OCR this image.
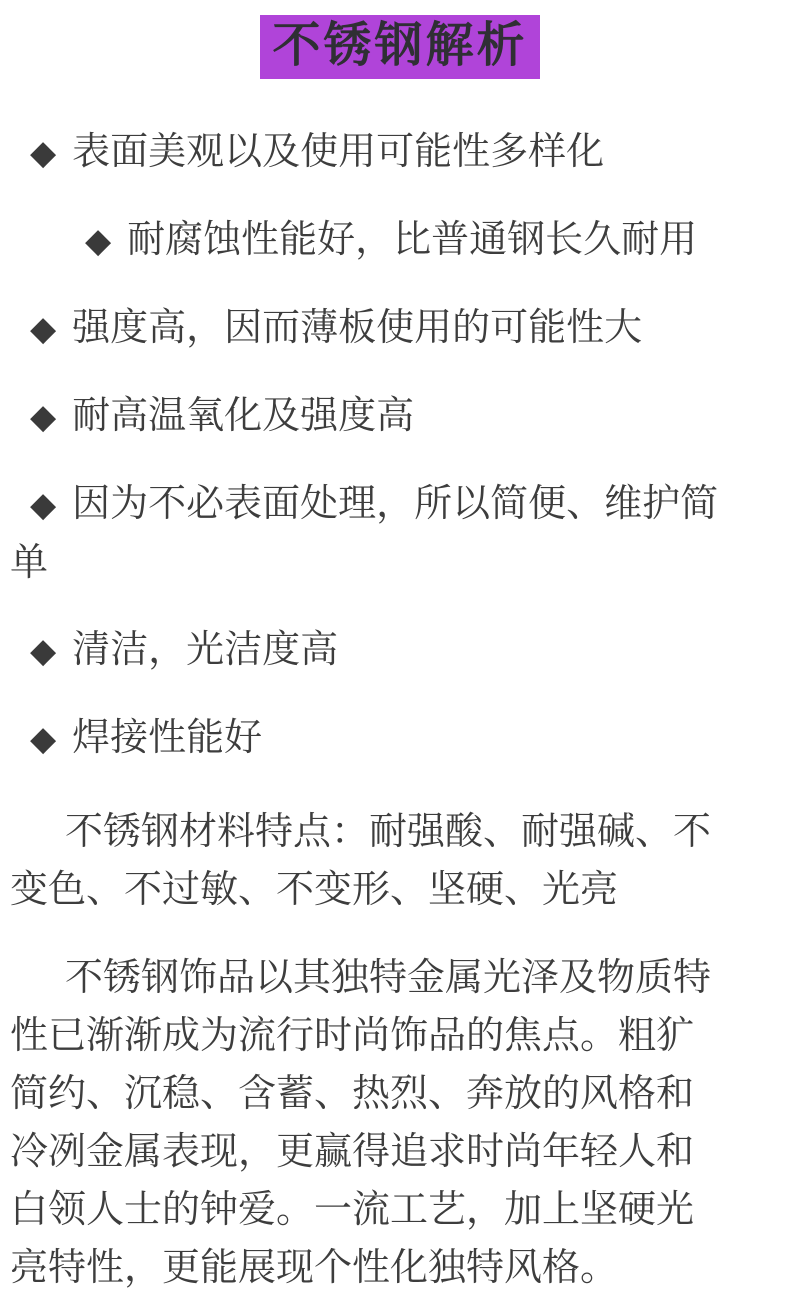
不锈钢解析
◆ 表面美观以及使用可能性多样化
◆ 耐腐蚀性能好，比普通钢长久耐用
◆ 强度高，因而薄板使用的可能性大
◆ 耐高温氧化及强度高
◆ 因为不必表面处理，所以简便、维护简
单
◆ 清洁，光洁度高
◆ 焊接性能好
不锈钢材料特点：耐强酸、耐强碱、不
变色、不过敏、不变形、坚硬、光亮
不锈钢饰品以其独特金属光泽及物质特
性已渐渐成为流行时尚饰品的焦点。粗犷
简约、沉稳、含蓄、热烈、奔放的风格和
冷冽金属表现，更赢得追求时尚年轻人和
白领人士的钟爱。一流工艺，加上坚硬光
亮特性，更能展现个性化独特风格。
